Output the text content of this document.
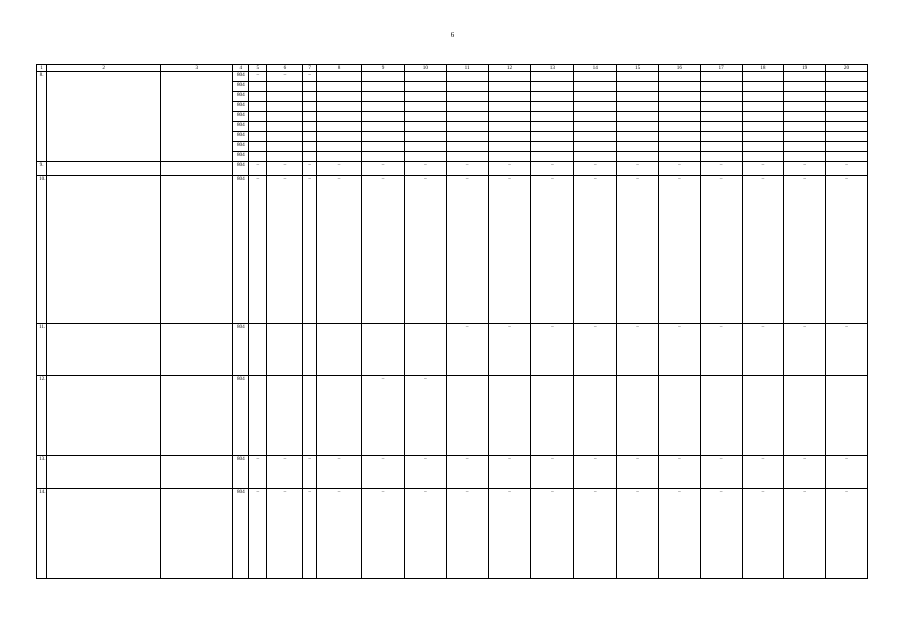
6
1	2	3	4	5	6	7	8	9	10	11	12	13	14	15	16	17	18	19	20
8.			804	–	–	–													
			804																
			804																
			804																
			804																
			804																
			804																
			804																
			804																
9.			804	–	–	–	–	–	–	–	–	–	–	–	–	–	–	–	–
10.			804	–	–	–	–	–	–	–	–	–	–	–	–	–	–	–	–
11.			804							–	–	–	–	–	–	–	–	–	–
12.			804					–	–										
13.			804	–	–	–	–	–	–	–	–	–	–	–	–	–	–	–	–
14.			804	–	–	–	–	–	–	–	–	–	–	–	–	–	–	–	–
